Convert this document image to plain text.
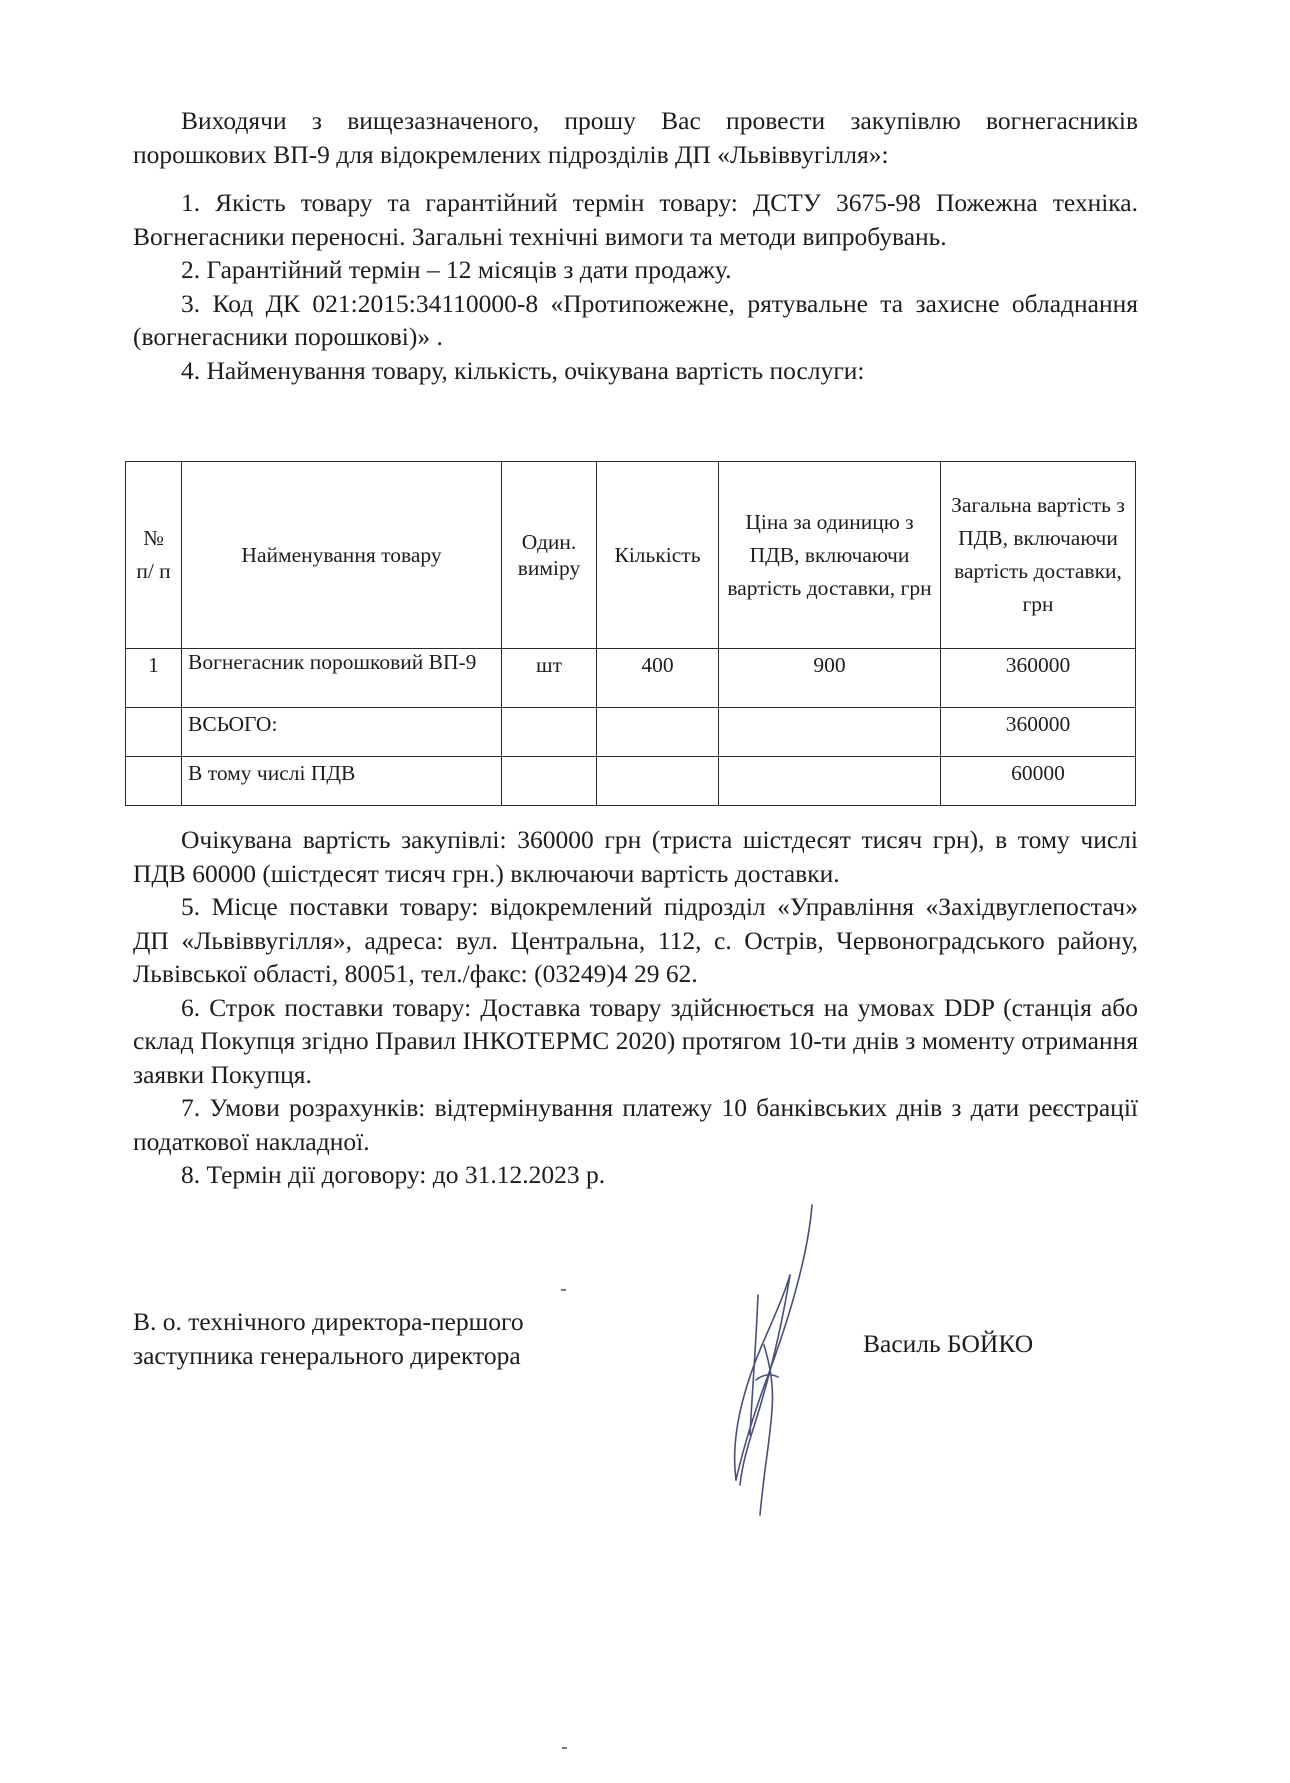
Виходячи з вищезазначеного, прошу Вас провести закупівлю вогнегасників порошкових ВП-9 для відокремлених підрозділів ДП «Львіввугілля»:

1. Якість товару та гарантійний термін товару: ДСТУ 3675-98 Пожежна техніка. Вогнегасники переносні. Загальні технічні вимоги та методи випробувань.

2. Гарантійний термін – 12 місяців з дати продажу.

3. Код ДК 021:2015:34110000-8 «Протипожежне, рятувальне та захисне обладнання (вогнегасники порошкові)» .

4. Найменування товару, кількість, очікувана вартість послуги:

№ п/ п	Найменування товару	Один. виміру	Кількість	Ціна за одиницю з ПДВ, включаючи вартість доставки, грн	Загальна вартість з ПДВ, включаючи вартість доставки, грн
1	Вогнегасник порошковий ВП-9	шт	400	900	360000
	ВСЬОГО:				360000
	В тому числі ПДВ				60000

Очікувана вартість закупівлі: 360000 грн (триста шістдесят тисяч грн), в тому числі ПДВ 60000 (шістдесят тисяч грн.) включаючи вартість доставки.

5. Місце поставки товару: відокремлений підрозділ «Управління «Західвуглепостач» ДП «Львіввугілля», адреса: вул. Центральна, 112, с. Острів, Червоноградського району, Львівської області, 80051, тел./факс: (03249)4 29 62.

6. Строк поставки товару: Доставка товару здійснюється на умовах DDP (станція або склад Покупця згідно Правил ІНКОТЕРМС 2020) протягом 10-ти днів з моменту отримання заявки Покупця.

7. Умови розрахунків: відтермінування платежу 10 банківських днів з дати реєстрації податкової накладної.

8. Термін дії договору: до 31.12.2023 р.

В. о. технічного директора-першого
заступника генерального директора	Василь БОЙКО
